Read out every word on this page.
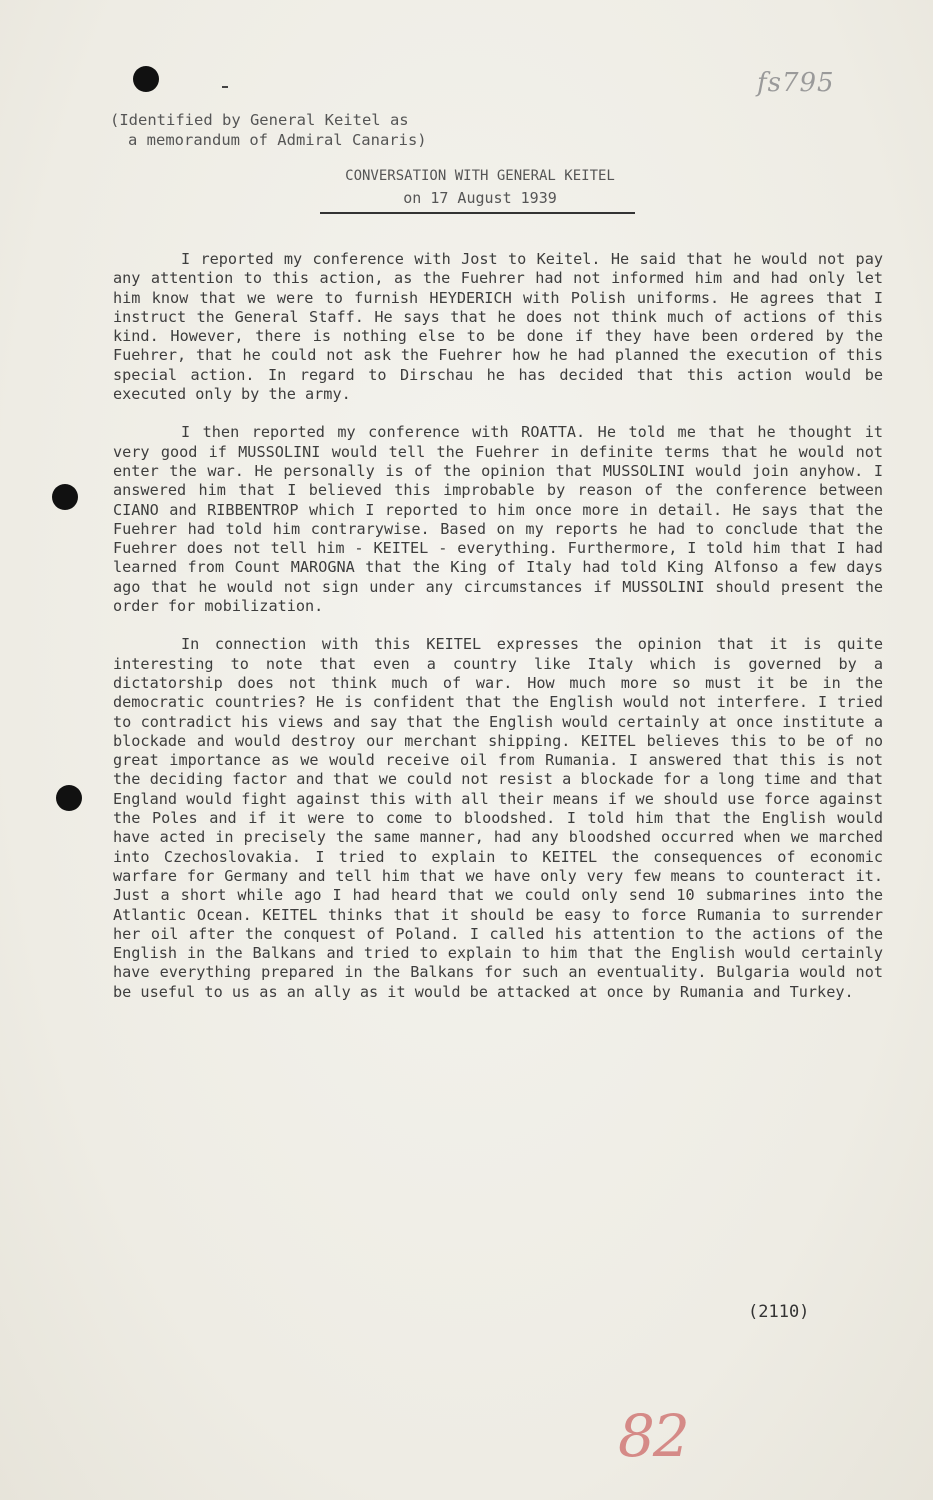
fs795
(Identified by General Keitel as
a memorandum of Admiral Canaris)
CONVERSATION WITH GENERAL KEITEL
on 17 August 1939

I reported my conference with Jost to Keitel. He said that he would not pay any attention to this action, as the Fuehrer had not informed him and had only let him know that we were to furnish HEYDERICH with Polish uniforms. He agrees that I instruct the General Staff. He says that he does not think much of actions of this kind. However, there is nothing else to be done if they have been ordered by the Fuehrer, that he could not ask the Fuehrer how he had planned the execution of this special action. In regard to Dirschau he has decided that this action would be executed only by the army.

I then reported my conference with ROATTA. He told me that he thought it very good if MUSSOLINI would tell the Fuehrer in definite terms that he would not enter the war. He personally is of the opinion that MUSSOLINI would join anyhow. I answered him that I believed this improbable by reason of the conference between CIANO and RIBBENTROP which I reported to him once more in detail. He says that the Fuehrer had told him contrarywise. Based on my reports he had to conclude that the Fuehrer does not tell him - KEITEL - everything. Furthermore, I told him that I had learned from Count MAROGNA that the King of Italy had told King Alfonso a few days ago that he would not sign under any circumstances if MUSSOLINI should present the order for mobilization.

In connection with this KEITEL expresses the opinion that it is quite interesting to note that even a country like Italy which is governed by a dictatorship does not think much of war. How much more so must it be in the democratic countries? He is confident that the English would not interfere. I tried to contradict his views and say that the English would certainly at once institute a blockade and would destroy our merchant shipping. KEITEL believes this to be of no great importance as we would receive oil from Rumania. I answered that this is not the deciding factor and that we could not resist a blockade for a long time and that England would fight against this with all their means if we should use force against the Poles and if it were to come to bloodshed. I told him that the English would have acted in precisely the same manner, had any bloodshed occurred when we marched into Czechoslovakia. I tried to explain to KEITEL the consequences of economic warfare for Germany and tell him that we have only very few means to counteract it. Just a short while ago I had heard that we could only send 10 submarines into the Atlantic Ocean. KEITEL thinks that it should be easy to force Rumania to surrender her oil after the conquest of Poland. I called his attention to the actions of the English in the Balkans and tried to explain to him that the English would certainly have everything prepared in the Balkans for such an eventuality. Bulgaria would not be useful to us as an ally as it would be attacked at once by Rumania and Turkey.

(2110)
82
